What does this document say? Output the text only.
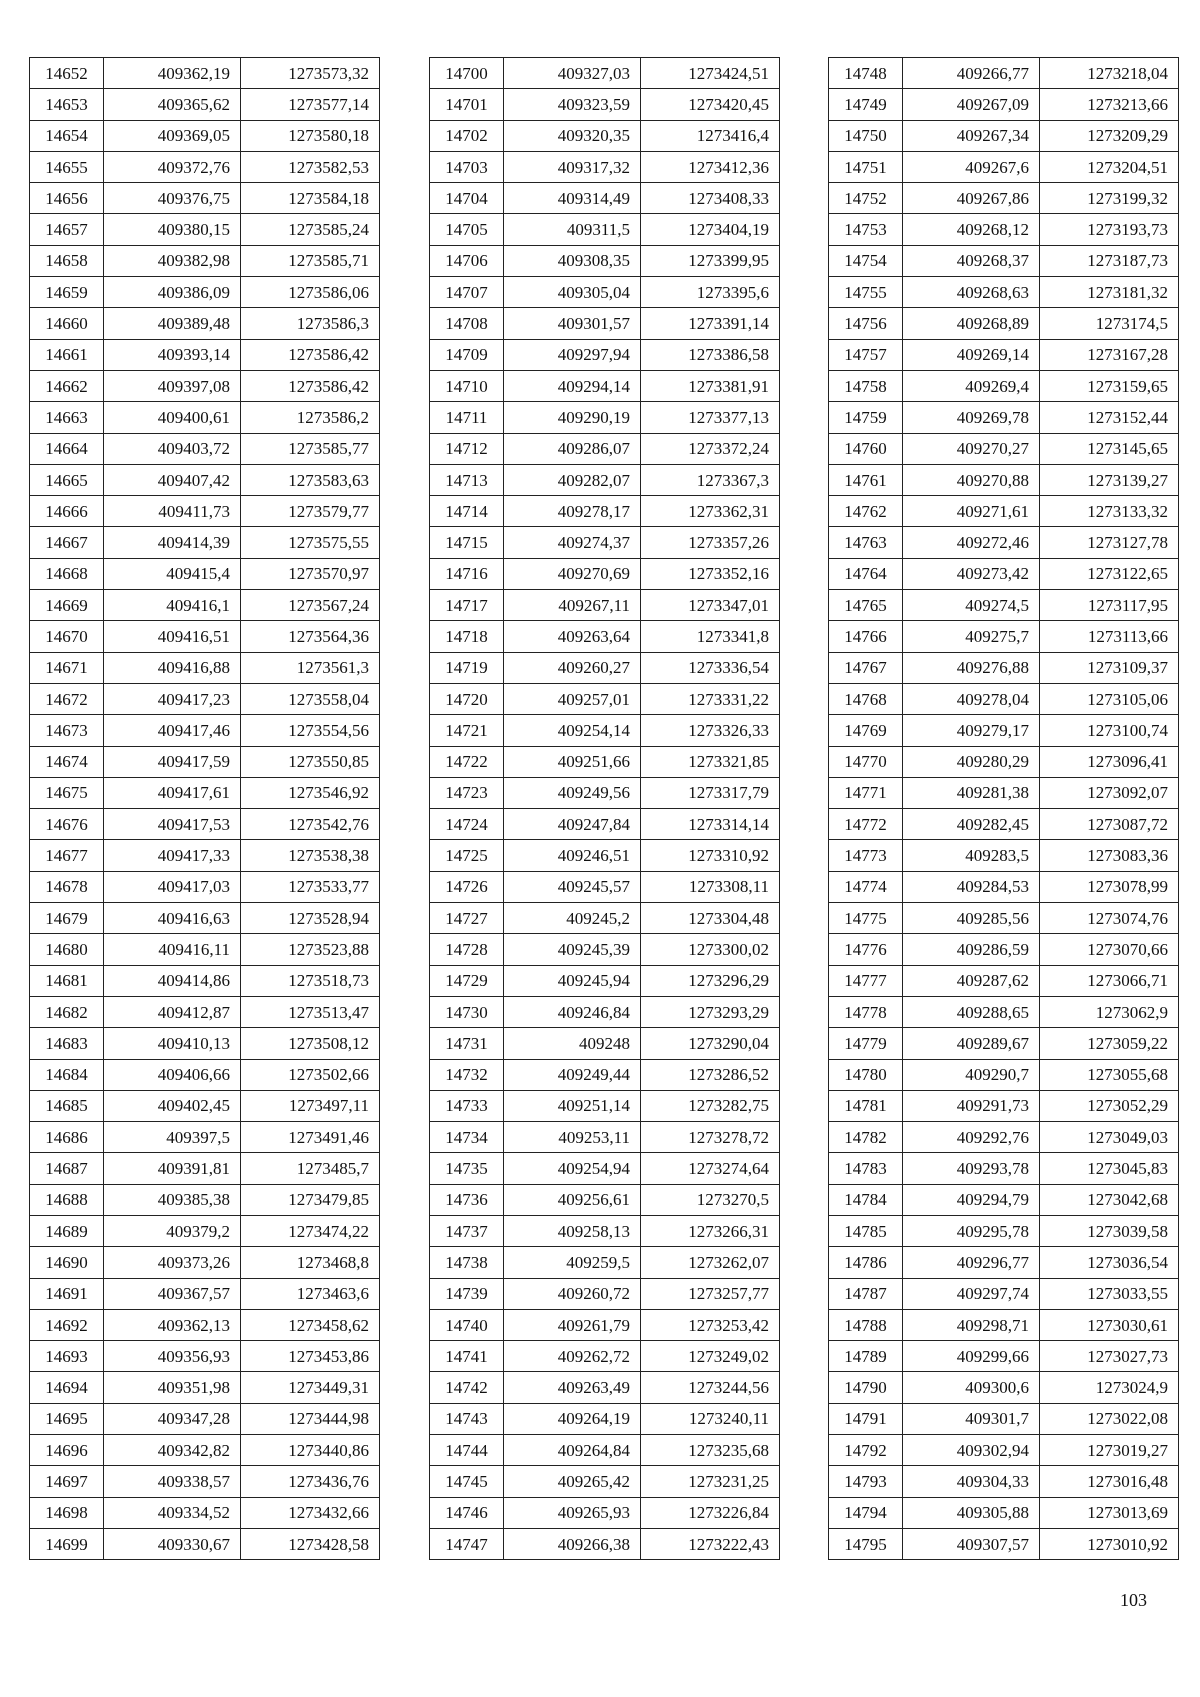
14652	409362,19	1273573,32
14653	409365,62	1273577,14
14654	409369,05	1273580,18
14655	409372,76	1273582,53
14656	409376,75	1273584,18
14657	409380,15	1273585,24
14658	409382,98	1273585,71
14659	409386,09	1273586,06
14660	409389,48	1273586,3
14661	409393,14	1273586,42
14662	409397,08	1273586,42
14663	409400,61	1273586,2
14664	409403,72	1273585,77
14665	409407,42	1273583,63
14666	409411,73	1273579,77
14667	409414,39	1273575,55
14668	409415,4	1273570,97
14669	409416,1	1273567,24
14670	409416,51	1273564,36
14671	409416,88	1273561,3
14672	409417,23	1273558,04
14673	409417,46	1273554,56
14674	409417,59	1273550,85
14675	409417,61	1273546,92
14676	409417,53	1273542,76
14677	409417,33	1273538,38
14678	409417,03	1273533,77
14679	409416,63	1273528,94
14680	409416,11	1273523,88
14681	409414,86	1273518,73
14682	409412,87	1273513,47
14683	409410,13	1273508,12
14684	409406,66	1273502,66
14685	409402,45	1273497,11
14686	409397,5	1273491,46
14687	409391,81	1273485,7
14688	409385,38	1273479,85
14689	409379,2	1273474,22
14690	409373,26	1273468,8
14691	409367,57	1273463,6
14692	409362,13	1273458,62
14693	409356,93	1273453,86
14694	409351,98	1273449,31
14695	409347,28	1273444,98
14696	409342,82	1273440,86
14697	409338,57	1273436,76
14698	409334,52	1273432,66
14699	409330,67	1273428,58
14700	409327,03	1273424,51
14701	409323,59	1273420,45
14702	409320,35	1273416,4
14703	409317,32	1273412,36
14704	409314,49	1273408,33
14705	409311,5	1273404,19
14706	409308,35	1273399,95
14707	409305,04	1273395,6
14708	409301,57	1273391,14
14709	409297,94	1273386,58
14710	409294,14	1273381,91
14711	409290,19	1273377,13
14712	409286,07	1273372,24
14713	409282,07	1273367,3
14714	409278,17	1273362,31
14715	409274,37	1273357,26
14716	409270,69	1273352,16
14717	409267,11	1273347,01
14718	409263,64	1273341,8
14719	409260,27	1273336,54
14720	409257,01	1273331,22
14721	409254,14	1273326,33
14722	409251,66	1273321,85
14723	409249,56	1273317,79
14724	409247,84	1273314,14
14725	409246,51	1273310,92
14726	409245,57	1273308,11
14727	409245,2	1273304,48
14728	409245,39	1273300,02
14729	409245,94	1273296,29
14730	409246,84	1273293,29
14731	409248	1273290,04
14732	409249,44	1273286,52
14733	409251,14	1273282,75
14734	409253,11	1273278,72
14735	409254,94	1273274,64
14736	409256,61	1273270,5
14737	409258,13	1273266,31
14738	409259,5	1273262,07
14739	409260,72	1273257,77
14740	409261,79	1273253,42
14741	409262,72	1273249,02
14742	409263,49	1273244,56
14743	409264,19	1273240,11
14744	409264,84	1273235,68
14745	409265,42	1273231,25
14746	409265,93	1273226,84
14747	409266,38	1273222,43
14748	409266,77	1273218,04
14749	409267,09	1273213,66
14750	409267,34	1273209,29
14751	409267,6	1273204,51
14752	409267,86	1273199,32
14753	409268,12	1273193,73
14754	409268,37	1273187,73
14755	409268,63	1273181,32
14756	409268,89	1273174,5
14757	409269,14	1273167,28
14758	409269,4	1273159,65
14759	409269,78	1273152,44
14760	409270,27	1273145,65
14761	409270,88	1273139,27
14762	409271,61	1273133,32
14763	409272,46	1273127,78
14764	409273,42	1273122,65
14765	409274,5	1273117,95
14766	409275,7	1273113,66
14767	409276,88	1273109,37
14768	409278,04	1273105,06
14769	409279,17	1273100,74
14770	409280,29	1273096,41
14771	409281,38	1273092,07
14772	409282,45	1273087,72
14773	409283,5	1273083,36
14774	409284,53	1273078,99
14775	409285,56	1273074,76
14776	409286,59	1273070,66
14777	409287,62	1273066,71
14778	409288,65	1273062,9
14779	409289,67	1273059,22
14780	409290,7	1273055,68
14781	409291,73	1273052,29
14782	409292,76	1273049,03
14783	409293,78	1273045,83
14784	409294,79	1273042,68
14785	409295,78	1273039,58
14786	409296,77	1273036,54
14787	409297,74	1273033,55
14788	409298,71	1273030,61
14789	409299,66	1273027,73
14790	409300,6	1273024,9
14791	409301,7	1273022,08
14792	409302,94	1273019,27
14793	409304,33	1273016,48
14794	409305,88	1273013,69
14795	409307,57	1273010,92
103
